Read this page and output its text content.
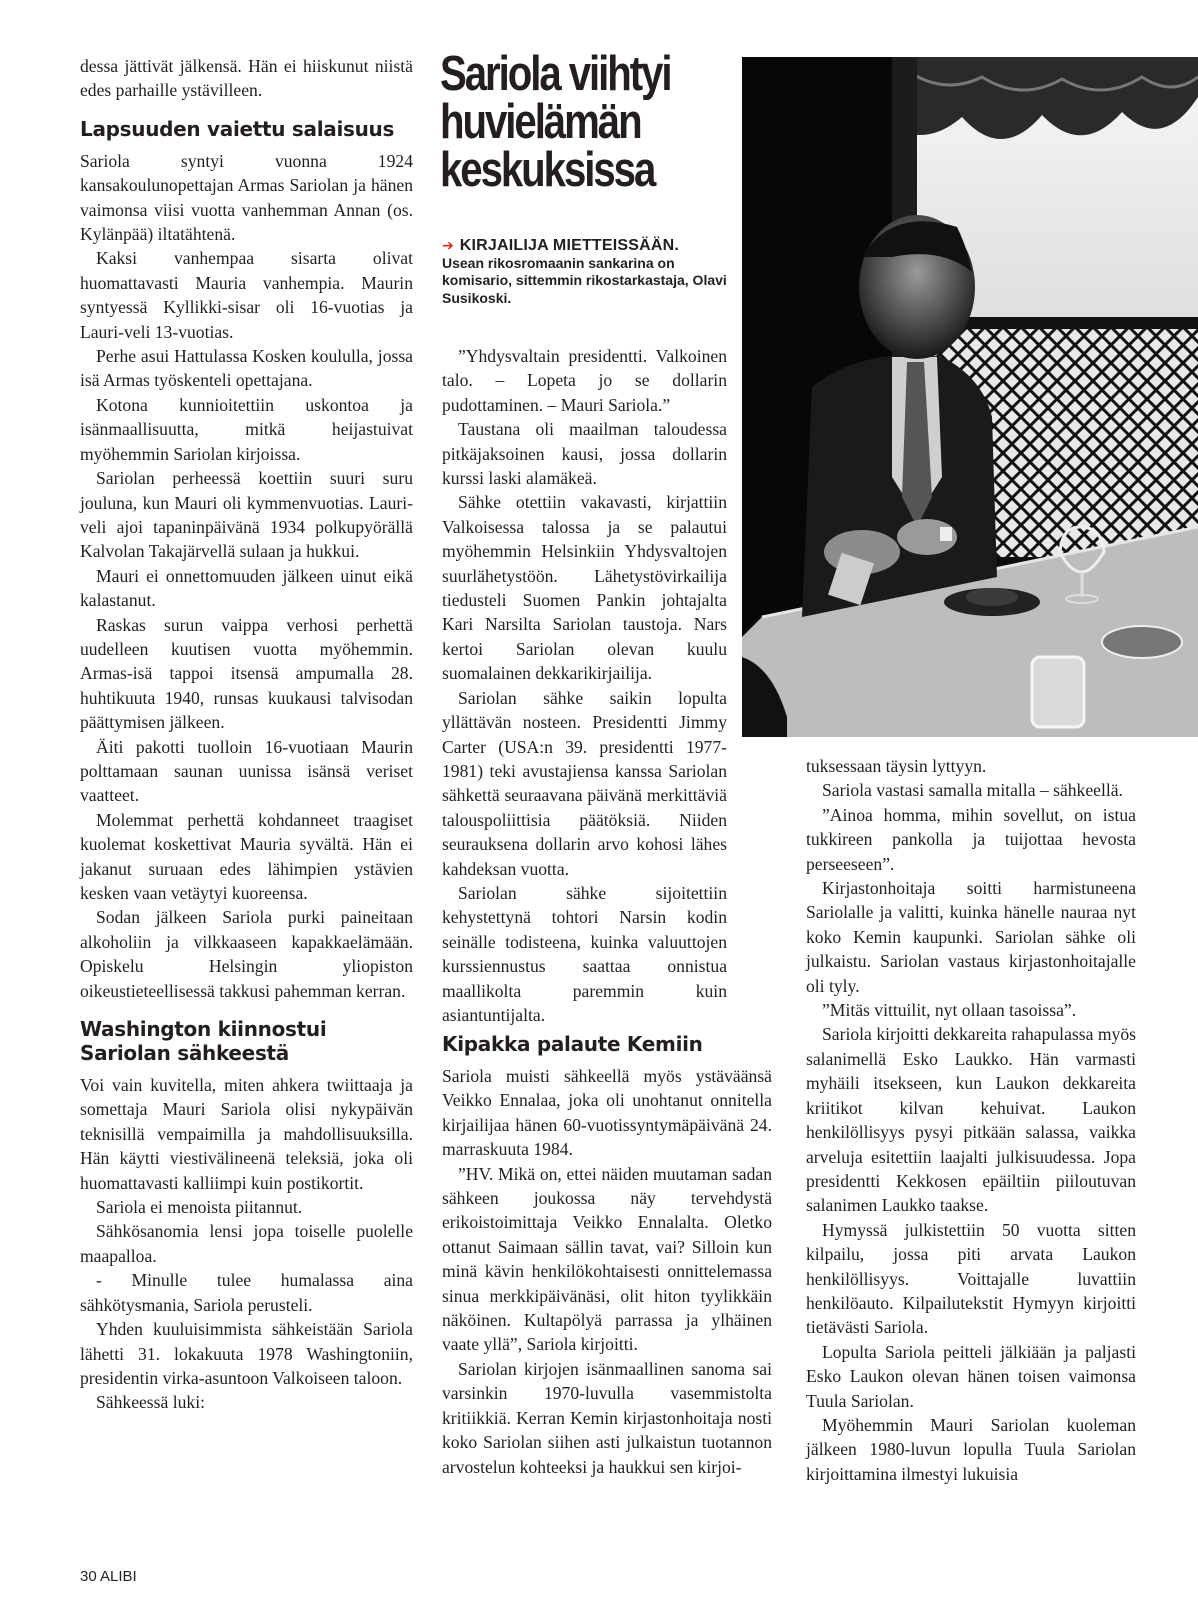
Sariola viihtyi huvielämän keskuksissa
➔ KIRJAILIJA MIETTEISSÄÄN.
Usean rikosromaanin sankarina on komisario, sittemmin rikostarkastaja, Olavi Susikoski.

dessa jättivät jälkensä. Hän ei hiiskunut niistä edes parhaille ystävilleen.

Lapsuuden vaiettu salaisuus

Sariola syntyi vuonna 1924 kansakoulunopettajan Armas Sariolan ja hänen vaimonsa viisi vuotta vanhemman Annan (os. Kylänpää) iltatähtenä.

Kaksi vanhempaa sisarta olivat huomattavasti Mauria vanhempia. Maurin syntyessä Kyllikki-sisar oli 16-vuotias ja Lauri-veli 13-vuotias.

Perhe asui Hattulassa Kosken koululla, jossa isä Armas työskenteli opettajana.

Kotona kunnioitettiin uskontoa ja isänmaallisuutta, mitkä heijastuivat myöhemmin Sariolan kirjoissa.

Sariolan perheessä koettiin suuri suru jouluna, kun Mauri oli kymmenvuotias. Lauri-veli ajoi tapaninpäivänä 1934 polkupyörällä Kalvolan Takajärvellä sulaan ja hukkui.

Mauri ei onnettomuuden jälkeen uinut eikä kalastanut.

Raskas surun vaippa verhosi perhettä uudelleen kuutisen vuotta myöhemmin. Armas-isä tappoi itsensä ampumalla 28. huhtikuuta 1940, runsas kuukausi talvisodan päättymisen jälkeen.

Äiti pakotti tuolloin 16-vuotiaan Maurin polttamaan saunan uunissa isänsä veriset vaatteet.

Molemmat perhettä kohdanneet traagiset kuolemat koskettivat Mauria syvältä. Hän ei jakanut suruaan edes lähimpien ystävien kesken vaan vetäytyi kuoreensa.

Sodan jälkeen Sariola purki paineitaan alkoholiin ja vilkkaaseen kapakkaelämään. Opiskelu Helsingin yliopiston oikeustieteellisessä takkusi pahemman kerran.

Washington kiinnostui Sariolan sähkeestä

Voi vain kuvitella, miten ahkera twiittaaja ja somettaja Mauri Sariola olisi nykypäivän teknisillä vempaimilla ja mahdollisuuksilla. Hän käytti viestivälineenä teleksiä, joka oli huomattavasti kalliimpi kuin postikortit.

Sariola ei menoista piitannut.

Sähkösanomia lensi jopa toiselle puolelle maapalloa.

- Minulle tulee humalassa aina sähkötysmania, Sariola perusteli.

Yhden kuuluisimmista sähkeistään Sariola lähetti 31. lokakuuta 1978 Washingtoniin, presidentin virka-asuntoon Valkoiseen taloon.

Sähkeessä luki:

”Yhdysvaltain presidentti. Valkoinen talo. – Lopeta jo se dollarin pudottaminen. – Mauri Sariola.”

Taustana oli maailman taloudessa pitkäjaksoinen kausi, jossa dollarin kurssi laski alamäkeä.

Sähke otettiin vakavasti, kirjattiin Valkoisessa talossa ja se palautui myöhemmin Helsinkiin Yhdysvaltojen suurlähetystöön. Lähetystövirkailija tiedusteli Suomen Pankin johtajalta Kari Narsilta Sariolan taustoja. Nars kertoi Sariolan olevan kuulu suomalainen dekkarikirjailija.

Sariolan sähke saikin lopulta yllättävän nosteen. Presidentti Jimmy Carter (USA:n 39. presidentti 1977-1981) teki avustajiensa kanssa Sariolan sähkettä seuraavana päivänä merkittäviä talouspoliittisia päätöksiä. Niiden seurauksena dollarin arvo kohosi lähes kahdeksan vuotta.

Sariolan sähke sijoitettiin kehystettynä tohtori Narsin kodin seinälle todisteena, kuinka valuuttojen kurssiennustus saattaa onnistua maallikolta paremmin kuin asiantuntijalta.

Kipakka palaute Kemiin

Sariola muisti sähkeellä myös ystäväänsä Veikko Ennalaa, joka oli unohtanut onnitella kirjailijaa hänen 60-vuotissyntymäpäivänä 24. marraskuuta 1984.

”HV. Mikä on, ettei näiden muutaman sadan sähkeen joukossa näy tervehdystä erikoistoimittaja Veikko Ennalalta. Oletko ottanut Saimaan sällin tavat, vai? Silloin kun minä kävin henkilökohtaisesti onnittelemassa sinua merkkipäivänäsi, olit hiton tyylikkäin näköinen. Kultapölyä parrassa ja ylhäinen vaate yllä”, Sariola kirjoitti.

Sariolan kirjojen isänmaallinen sanoma sai varsinkin 1970-luvulla vasemmistolta kritiikkiä. Kerran Kemin kirjastonhoitaja nosti koko Sariolan siihen asti julkaistun tuotannon arvostelun kohteeksi ja haukkui sen kirjoi-

tuksessaan täysin lyttyyn.

Sariola vastasi samalla mitalla – sähkeellä.

”Ainoa homma, mihin sovellut, on istua tukkireen pankolla ja tuijottaa hevosta perseeseen”.

Kirjastonhoitaja soitti harmistuneena Sariolalle ja valitti, kuinka hänelle nauraa nyt koko Kemin kaupunki. Sariolan sähke oli julkaistu. Sariolan vastaus kirjastonhoitajalle oli tyly.

”Mitäs vittuilit, nyt ollaan tasoissa”.

Sariola kirjoitti dekkareita rahapulassa myös salanimellä Esko Laukko. Hän varmasti myhäili itsekseen, kun Laukon dekkareita kriitikot kilvan kehuivat. Laukon henkilöllisyys pysyi pitkään salassa, vaikka arveluja esitettiin laajalti julkisuudessa. Jopa presidentti Kekkosen epäiltiin piiloutuvan salanimen Laukko taakse.

Hymyssä julkistettiin 50 vuotta sitten kilpailu, jossa piti arvata Laukon henkilöllisyys. Voittajalle luvattiin henkilöauto. Kilpailutekstit Hymyyn kirjoitti tietävästi Sariola.

Lopulta Sariola peitteli jälkiään ja paljasti Esko Laukon olevan hänen toisen vaimonsa Tuula Sariolan.

Myöhemmin Mauri Sariolan kuoleman jälkeen 1980-luvun lopulla Tuula Sariolan kirjoittamina ilmestyi lukuisia

30 ALIBI
